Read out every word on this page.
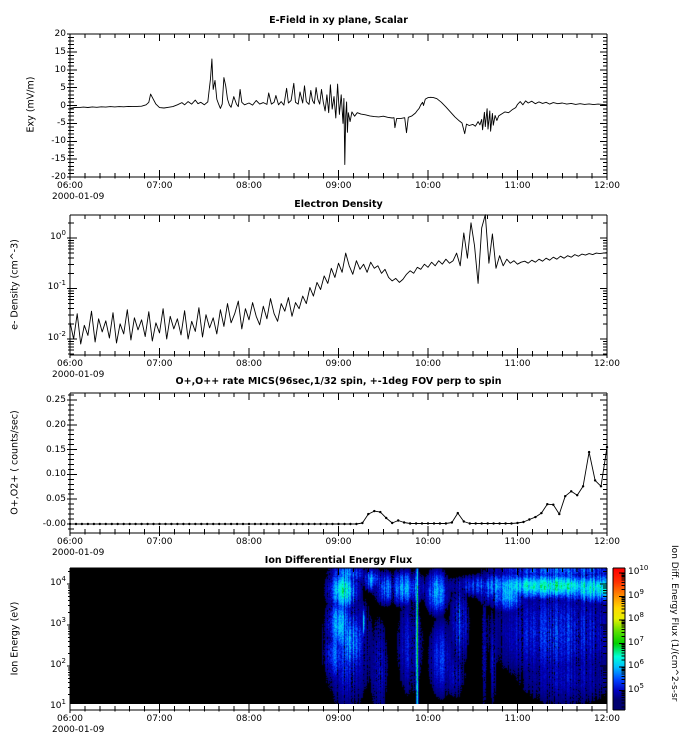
E-Field in xy plane, Scalar
Electron Density
O+,O++ rate MICS(96sec,1/32 spin, +-1deg FOV perp to spin
Ion Differential Energy Flux
Exy (mV/m)
e- Density (cm^-3)
O+,O2+ ( counts/sec)
Ion Energy (eV)
2000-01-09
2000-01-09
2000-01-09
2000-01-09
Ion Diff. Energy Flux (1/(cm^2-s-sr
06:00	07:00	08:00	09:00	10:00	11:00	12:00
06:00	07:00	08:00	09:00	10:00	11:00	12:00
06:00	07:00	08:00	09:00	10:00	11:00	12:00
06:00	07:00	08:00	09:00	10:00	11:00	12:00
20
15
10
5
0
-5
-10
-15
-20
$10^0$
$10^{-1}$
$10^{-2}$
0.25
0.20
0.15
0.10
0.05
-0.00
$10^4$
$10^3$
$10^2$
$10^1$
$10^{10}$
$10^9$
$10^8$
$10^7$
$10^6$
$10^5$
